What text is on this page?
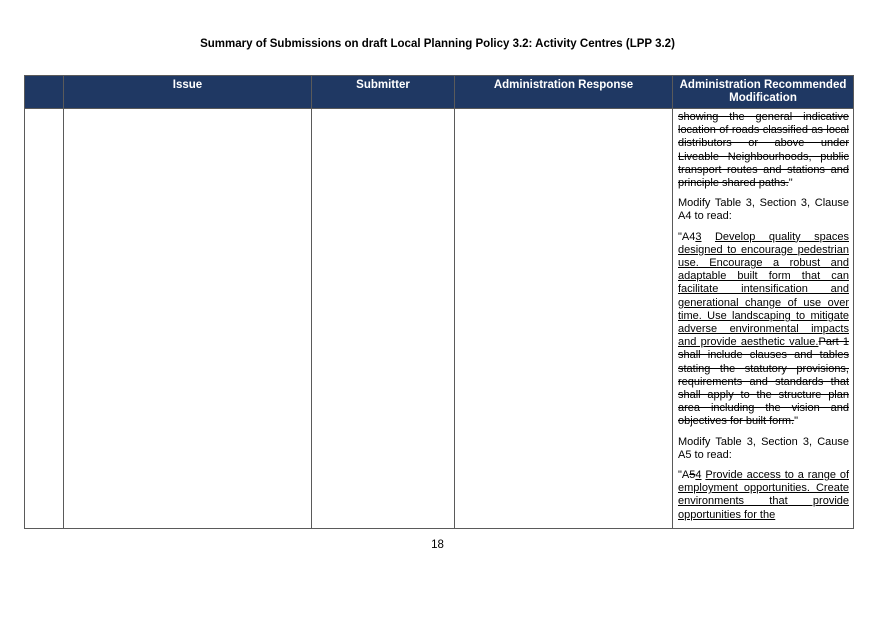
Summary of Submissions on draft Local Planning Policy 3.2: Activity Centres (LPP 3.2)
	Issue	Submitter	Administration Response	Administration Recommended Modification

				showing the general indicative location of roads classified as local distributors or above under Liveable Neighbourhoods, public transport routes and stations and principle shared paths."

Modify Table 3, Section 3, Clause A4 to read:

"A43 Develop quality spaces designed to encourage pedestrian use. Encourage a robust and adaptable built form that can facilitate intensification and generational change of use over time. Use landscaping to mitigate adverse environmental impacts and provide aesthetic value.Part 1 shall include clauses and tables stating the statutory provisions, requirements and standards that shall apply to the structure plan area including the vision and objectives for built form."

Modify Table 3, Section 3, Cause A5 to read:

"A54 Provide access to a range of employment opportunities. Create environments that provide opportunities for the

18
